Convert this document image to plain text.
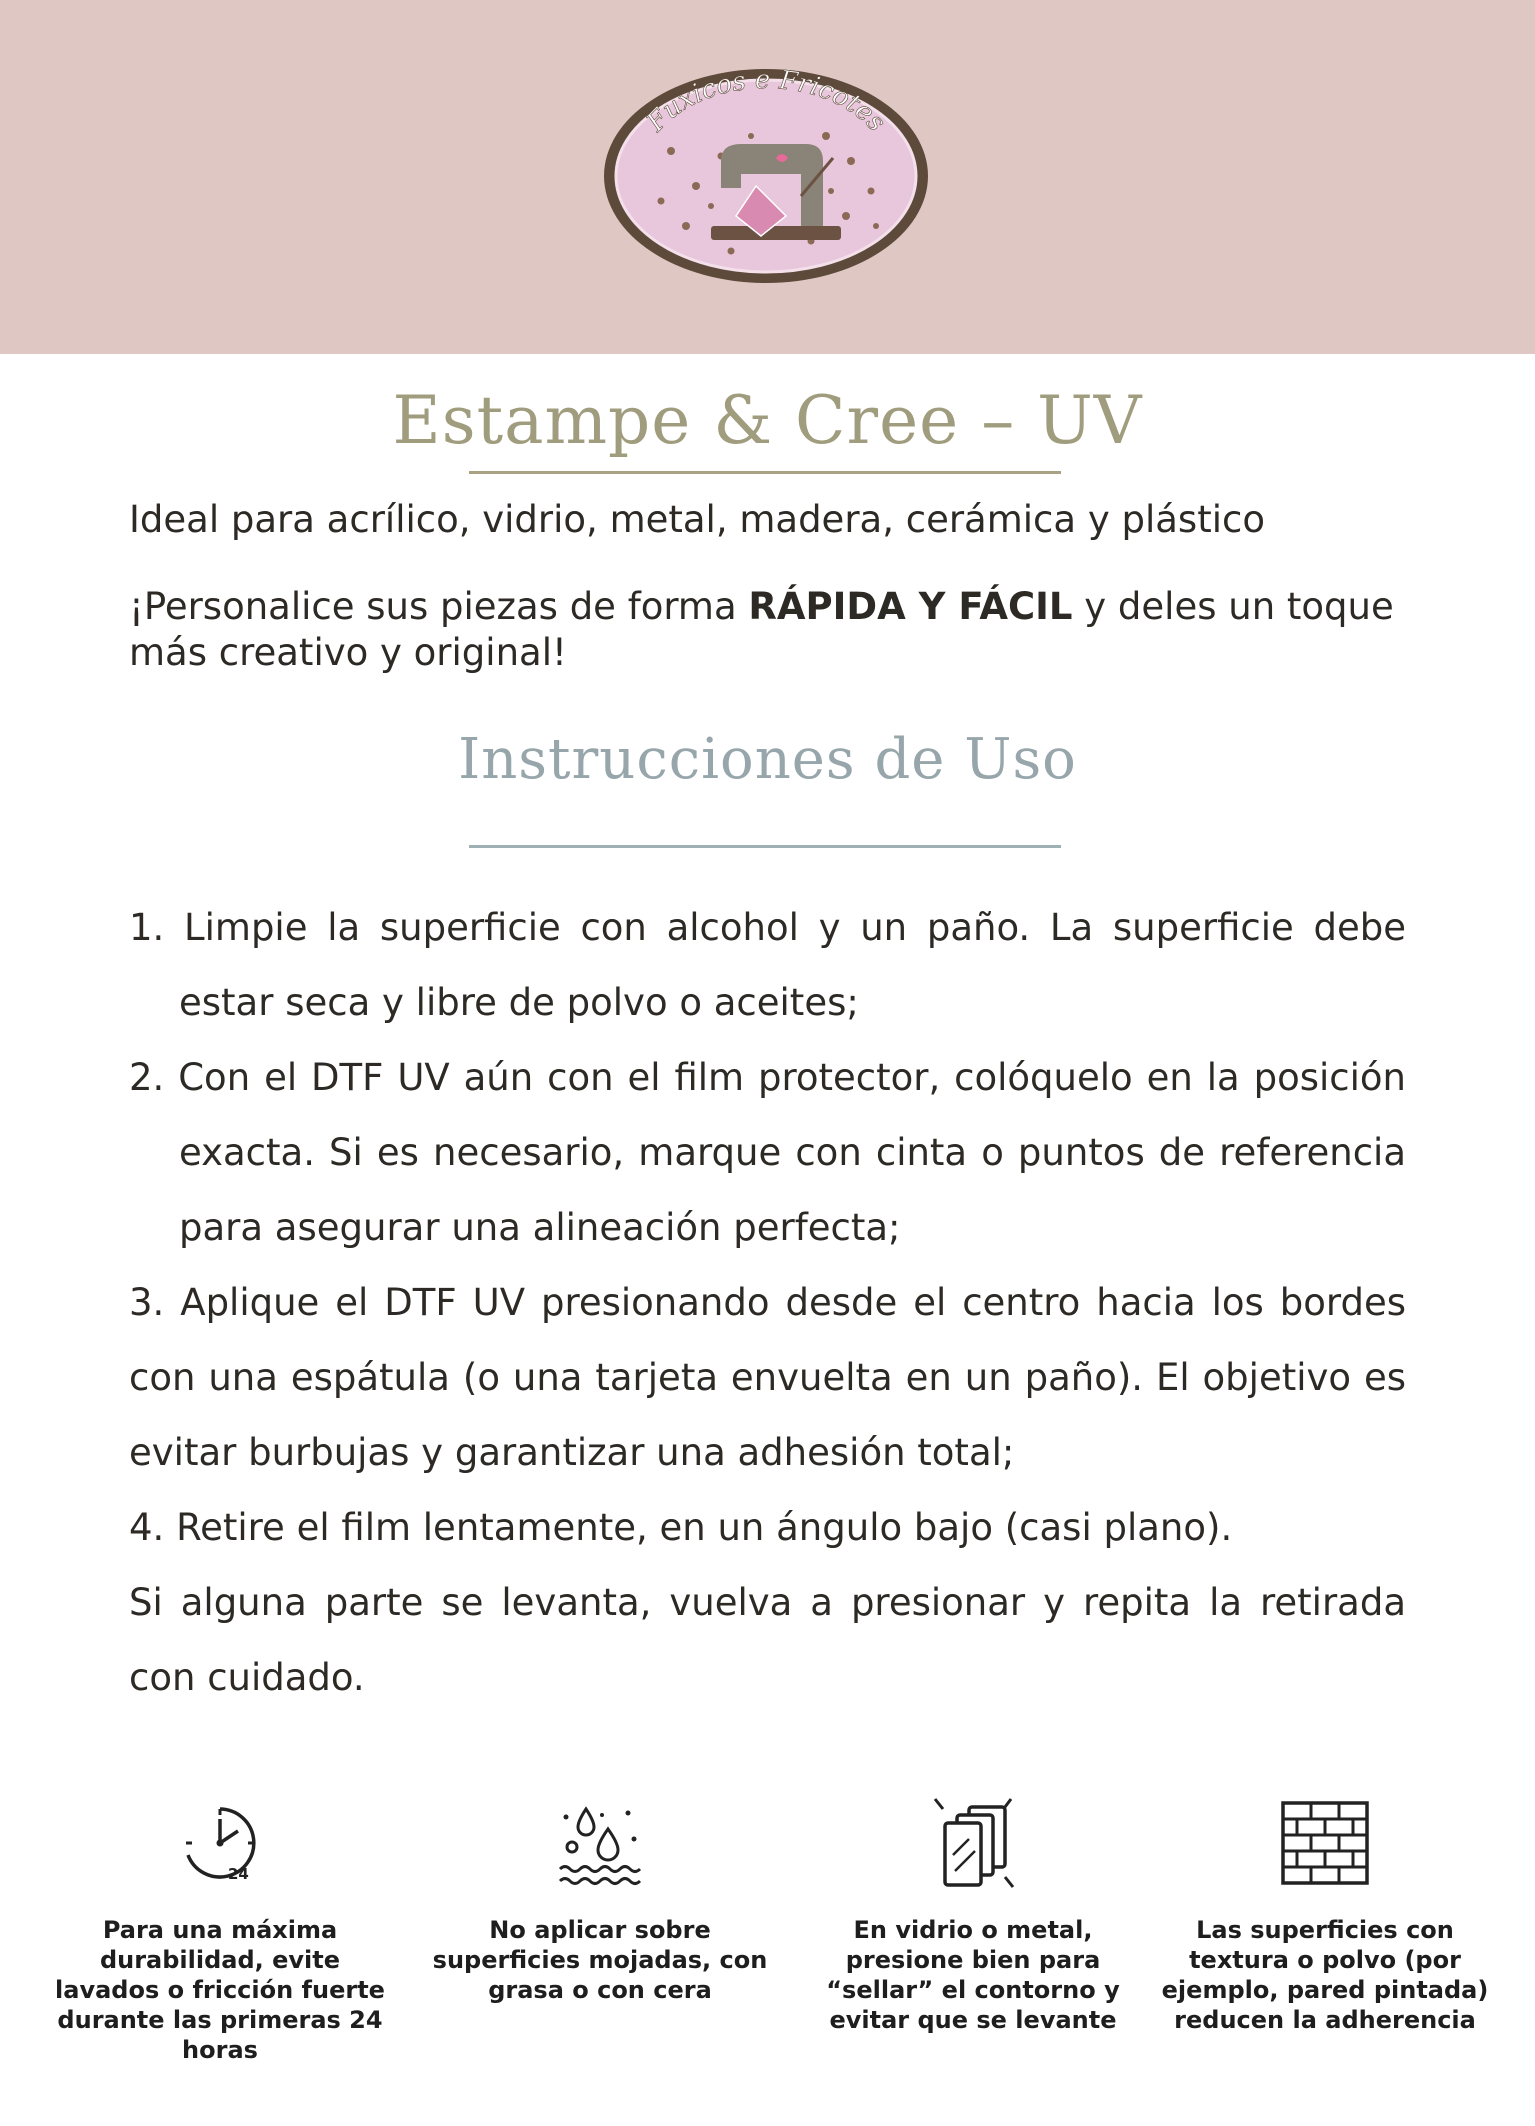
Fuxicos e Fricotes
Estampe & Cree – UV
Ideal para acrílico, vidrio, metal, madera, cerámica y plástico
¡Personalice sus piezas de forma RÁPIDA Y FÁCIL y deles un toque más creativo y original!
Instrucciones de Uso

1. Limpie la superficie con alcohol y un paño. La superficie debe estar seca y libre de polvo o aceites;

2. Con el DTF UV aún con el film protector, colóquelo en la posición exacta. Si es necesario, marque con cinta o puntos de referencia para asegurar una alineación perfecta;

3. Aplique el DTF UV presionando desde el centro hacia los bordes con una espátula (o una tarjeta envuelta en un paño). El objetivo es evitar burbujas y garantizar una adhesión total;

4. Retire el film lentamente, en un ángulo bajo (casi plano).

Si alguna parte se levanta, vuelva a presionar y repita la retirada con cuidado.

24
Para una máxima durabilidad, evite lavados o fricción fuerte durante las primeras 24 horas
No aplicar sobre superficies mojadas, con grasa o con cera
En vidrio o metal, presione bien para “sellar” el contorno y evitar que se levante
Las superficies con textura o polvo (por ejemplo, pared pintada) reducen la adherencia
